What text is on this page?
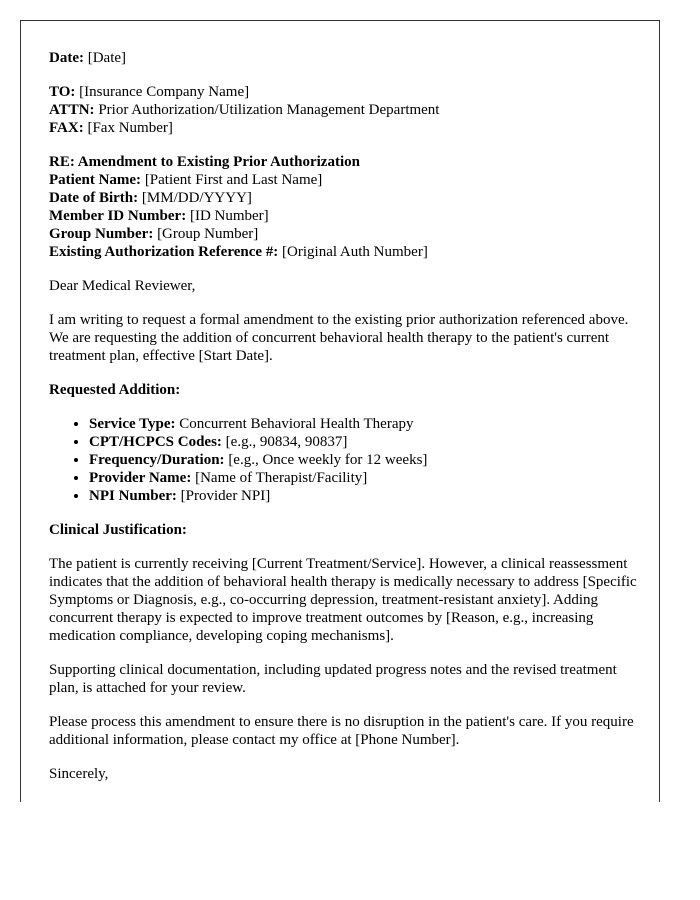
Date: [Date]

TO: [Insurance Company Name]
ATTN: Prior Authorization/Utilization Management Department
FAX: [Fax Number]

RE: Amendment to Existing Prior Authorization
Patient Name: [Patient First and Last Name]
Date of Birth: [MM/DD/YYYY]
Member ID Number: [ID Number]
Group Number: [Group Number]
Existing Authorization Reference #: [Original Auth Number]

Dear Medical Reviewer,

I am writing to request a formal amendment to the existing prior authorization referenced above. We are requesting the addition of concurrent behavioral health therapy to the patient's current treatment plan, effective [Start Date].

Requested Addition:

• Service Type: Concurrent Behavioral Health Therapy
• CPT/HCPCS Codes: [e.g., 90834, 90837]
• Frequency/Duration: [e.g., Once weekly for 12 weeks]
• Provider Name: [Name of Therapist/Facility]
• NPI Number: [Provider NPI]

Clinical Justification:

The patient is currently receiving [Current Treatment/Service]. However, a clinical reassessment indicates that the addition of behavioral health therapy is medically necessary to address [Specific Symptoms or Diagnosis, e.g., co-occurring depression, treatment-resistant anxiety]. Adding concurrent therapy is expected to improve treatment outcomes by [Reason, e.g., increasing medication compliance, developing coping mechanisms].

Supporting clinical documentation, including updated progress notes and the revised treatment plan, is attached for your review.

Please process this amendment to ensure there is no disruption in the patient's care. If you require additional information, please contact my office at [Phone Number].

Sincerely,
